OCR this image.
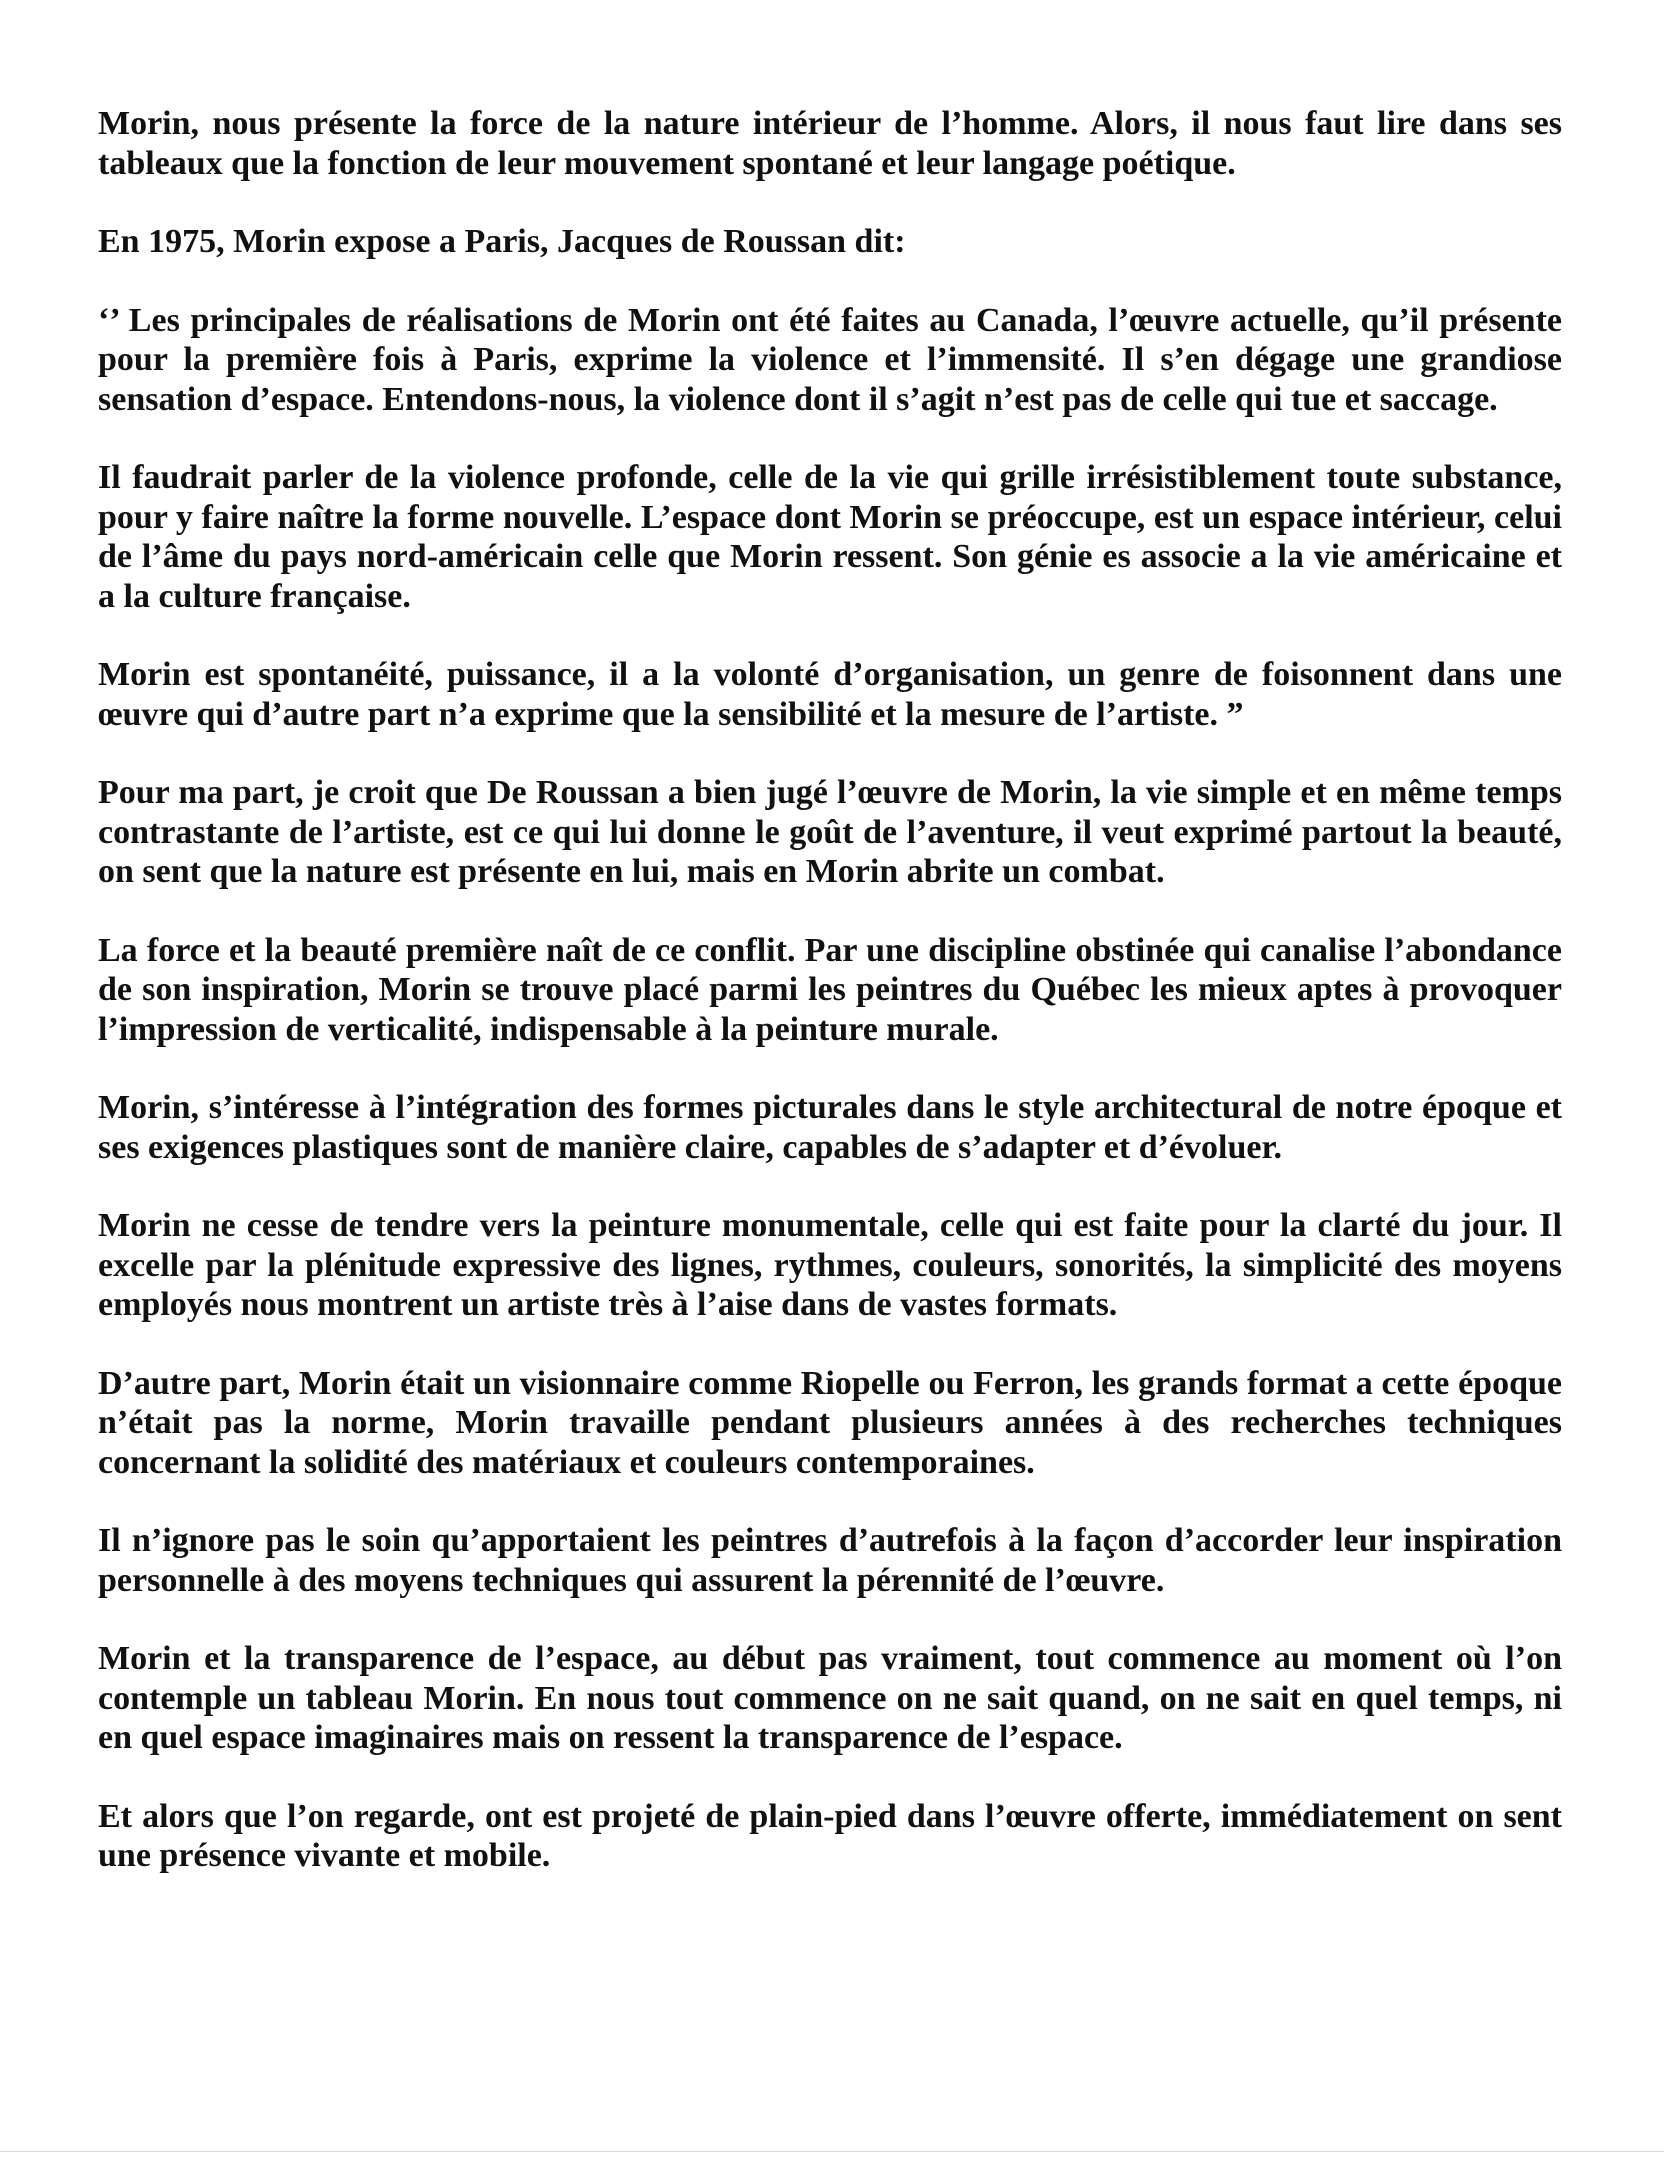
Morin, nous présente la force de la nature intérieur de l’homme. Alors, il nous faut lire dans ses tableaux que la fonction de leur mouvement spontané et leur langage poétique.

En 1975, Morin expose a Paris, Jacques de Roussan dit:

‘’ Les principales de réalisations de Morin ont été faites au Canada, l’œuvre actuelle, qu’il présente pour la première fois à Paris, exprime la violence et l’immensité. Il s’en dégage une grandiose sensation d’espace. Entendons-nous, la violence dont il s’agit n’est pas de celle qui tue et saccage.

Il faudrait parler de la violence profonde, celle de la vie qui grille irrésistiblement toute substance, pour y faire naître la forme nouvelle. L’espace dont Morin se préoccupe, est un espace intérieur, celui de l’âme du pays nord-américain celle que Morin ressent. Son génie es associe a la vie américaine et a la culture française.

Morin est spontanéité, puissance, il a la volonté d’organisation, un genre de foisonnent dans une œuvre qui d’autre part n’a exprime que la sensibilité et la mesure de l’artiste. ”

Pour ma part, je croit que De Roussan a bien jugé l’œuvre de Morin, la vie simple et en même temps contrastante de l’artiste, est ce qui lui donne le goût de l’aventure, il veut exprimé partout la beauté, on sent que la nature est présente en lui, mais en Morin abrite un combat.

La force et la beauté première naît de ce conflit. Par une discipline obstinée qui canalise l’abondance de son inspiration, Morin se trouve placé parmi les peintres du Québec les mieux aptes à provoquer l’impression de verticalité, indispensable à la peinture murale.

Morin, s’intéresse à l’intégration des formes picturales dans le style architectural de notre époque et ses exigences plastiques sont de manière claire, capables de s’adapter et d’évoluer.

Morin ne cesse de tendre vers la peinture monumentale, celle qui est faite pour la clarté du jour. Il excelle par la plénitude expressive des lignes, rythmes, couleurs, sonorités, la simplicité des moyens employés nous montrent un artiste très à l’aise dans de vastes formats.

D’autre part, Morin était un visionnaire comme Riopelle ou Ferron, les grands format a cette époque n’était pas la norme, Morin travaille pendant plusieurs années à des recherches techniques concernant la solidité des matériaux et couleurs contemporaines.

Il n’ignore pas le soin qu’apportaient les peintres d’autrefois à la façon d’accorder leur inspiration personnelle à des moyens techniques qui assurent la pérennité de l’œuvre.

Morin et la transparence de l’espace, au début pas vraiment, tout commence au moment où l’on contemple un tableau Morin. En nous tout commence on ne sait quand, on ne sait en quel temps, ni en quel espace imaginaires mais on ressent la transparence de l’espace.

Et alors que l’on regarde, ont est projeté de plain-pied dans l’œuvre offerte, immédiatement on sent une présence vivante et mobile.
